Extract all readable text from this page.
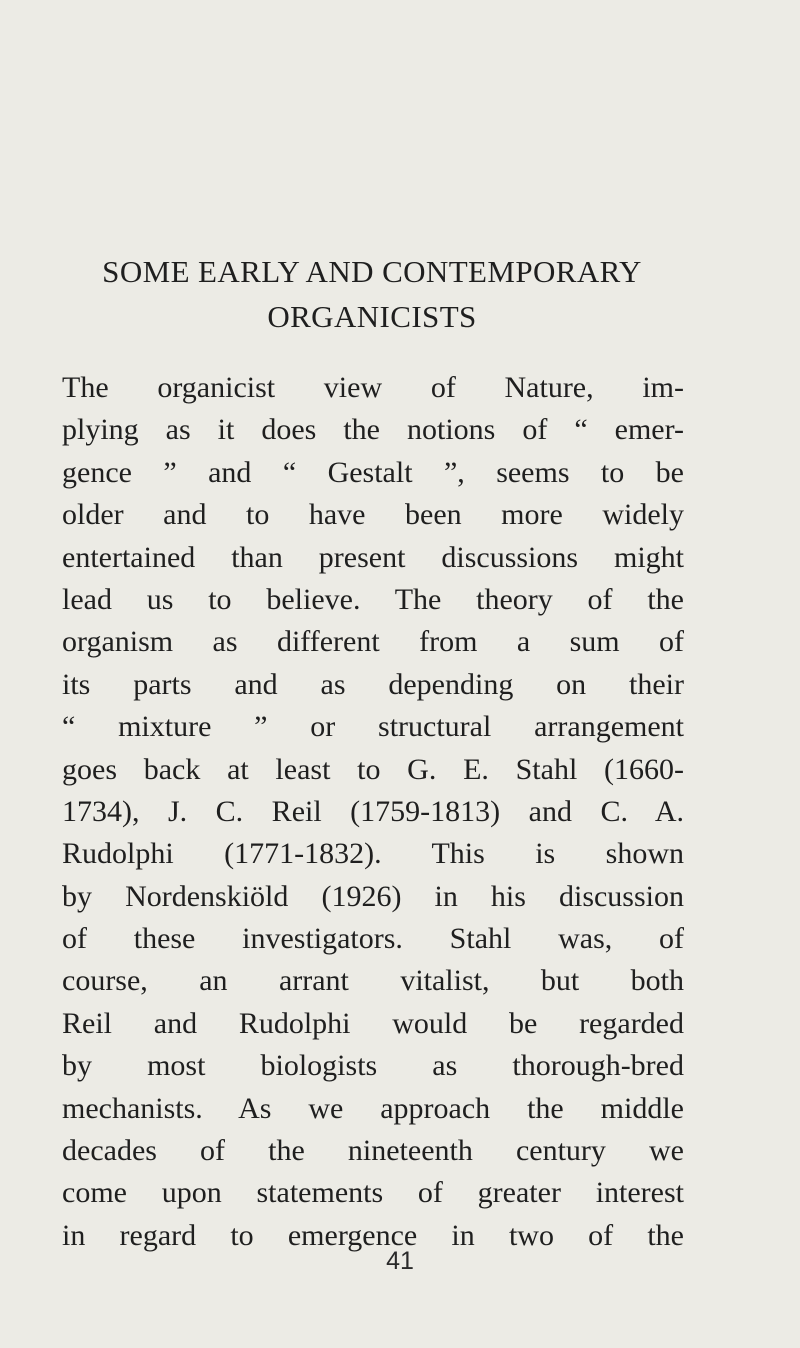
SOME EARLY AND CONTEMPORARY
ORGANICISTS
The organicist view of Nature, im-
plying as it does the notions of “ emer-
gence ” and “ Gestalt ”, seems to be
older and to have been more widely
entertained than present discussions might
lead us to believe. The theory of the
organism as different from a sum of
its parts and as depending on their
“ mixture ” or structural arrangement
goes back at least to G. E. Stahl (1660-
1734), J. C. Reil (1759-1813) and C. A.
Rudolphi (1771-1832). This is shown
by Nordenskiöld (1926) in his discussion
of these investigators. Stahl was, of
course, an arrant vitalist, but both
Reil and Rudolphi would be regarded
by most biologists as thorough-bred
mechanists. As we approach the middle
decades of the nineteenth century we
come upon statements of greater interest
in regard to emergence in two of the
41
